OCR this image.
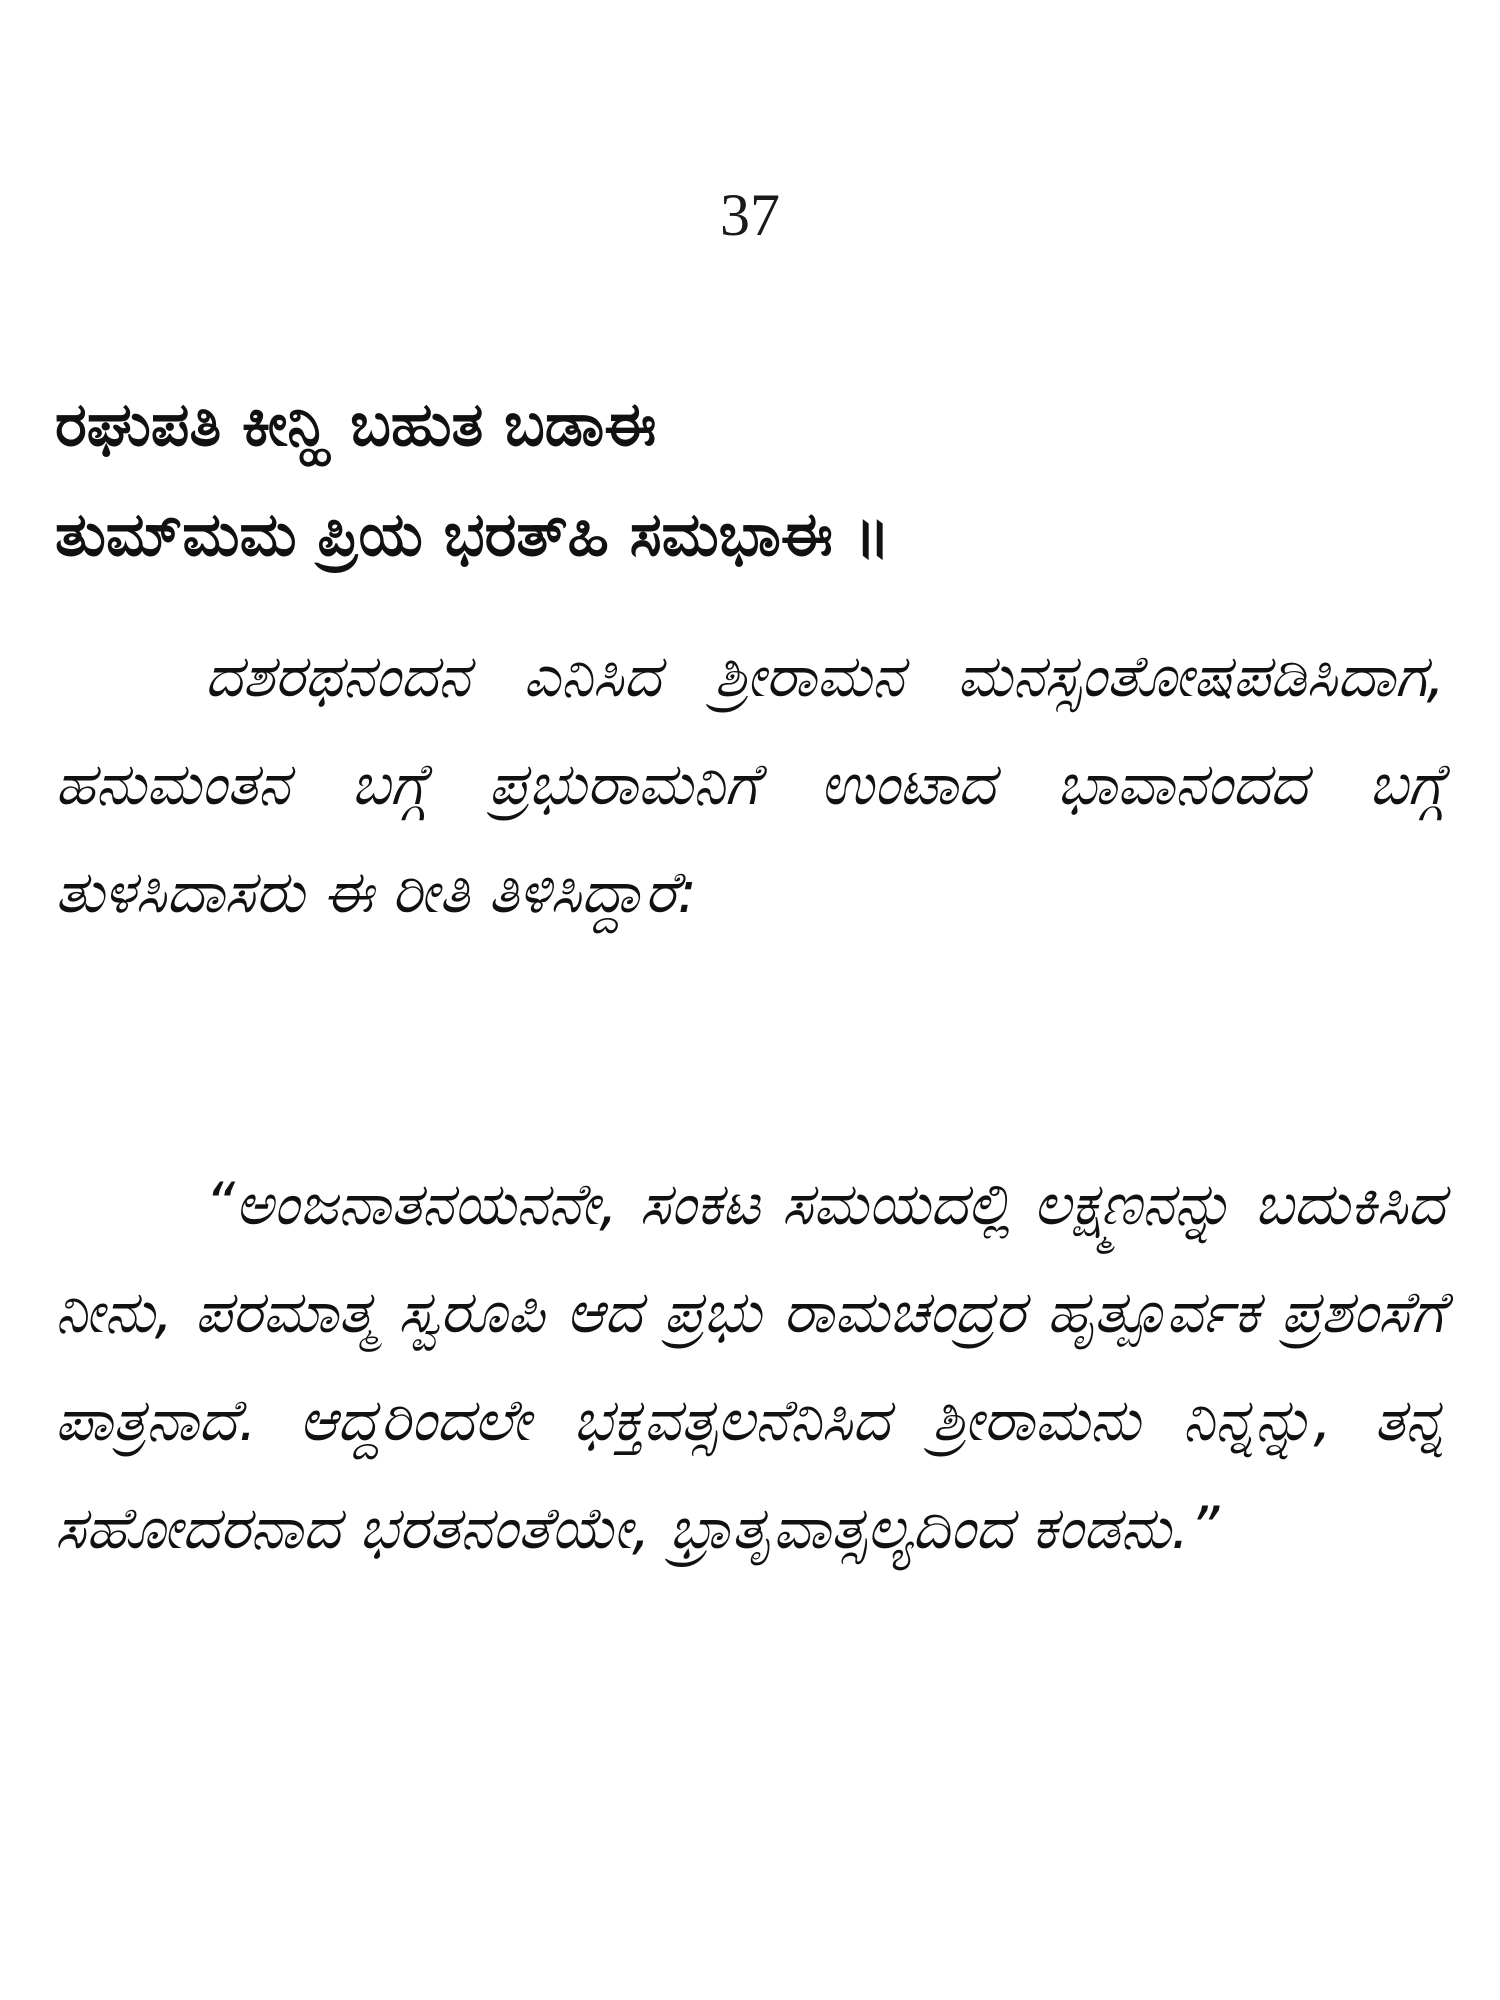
37
ರಘುಪತಿ ಕೀನ್ಹಿ ಬಹುತ ಬಡಾಈ
ತುಮ್‌ಮಮ ಪ್ರಿಯ ಭರತ್‌ಹಿ ಸಮಭಾಈ ॥

ದಶರಥನಂದನ ಎನಿಸಿದ ಶ್ರೀರಾಮನ ಮನಸ್ಸಂತೋಷಪಡಿಸಿದಾಗ, ಹನುಮಂತನ ಬಗ್ಗೆ ಪ್ರಭುರಾಮನಿಗೆ ಉಂಟಾದ ಭಾವಾನಂದದ ಬಗ್ಗೆ ತುಳಸಿದಾಸರು ಈ ರೀತಿ ತಿಳಿಸಿದ್ದಾರೆ:

“ಅಂಜನಾತನಯನನೇ, ಸಂಕಟ ಸಮಯದಲ್ಲಿ ಲಕ್ಷ್ಮಣನನ್ನು ಬದುಕಿಸಿದ ನೀನು, ಪರಮಾತ್ಮ ಸ್ವರೂಪಿ ಆದ ಪ್ರಭು ರಾಮಚಂದ್ರರ ಹೃತ್ಪೂರ್ವಕ ಪ್ರಶಂಸೆಗೆ ಪಾತ್ರನಾದೆ. ಆದ್ದರಿಂದಲೇ ಭಕ್ತವತ್ಸಲನೆನಿಸಿದ ಶ್ರೀರಾಮನು ನಿನ್ನನ್ನು, ತನ್ನ ಸಹೋದರನಾದ ಭರತನಂತೆಯೇ, ಭ್ರಾತೃವಾತ್ಸಲ್ಯದಿಂದ ಕಂಡನು.”
